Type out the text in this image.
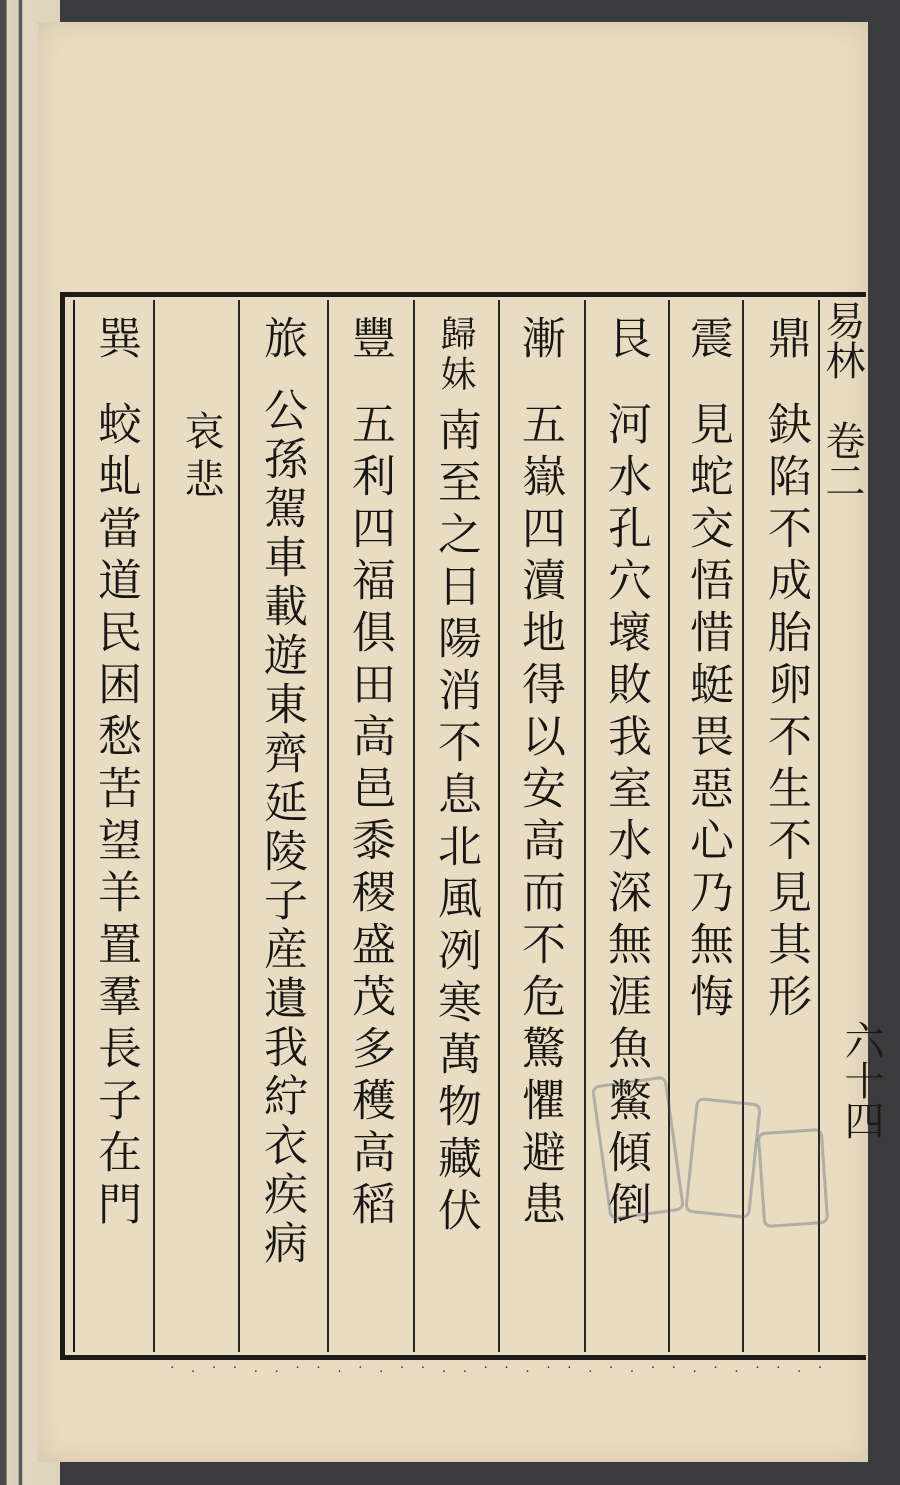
易林　卷二
六十四
鼎鈌陷不成胎卵不生不見其形
震見蛇交悟惜蜓畏惡心乃無悔
艮河水孔穴壞敗我室水深無涯魚鱉傾倒
漸五嶽四瀆地得以安高而不危驚懼避患
歸妹南至之日陽消不息北風冽寒萬物藏伏
豐五利四福俱田高邑黍稷盛茂多穫高稻
旅公孫駕車載遊東齊延陵子産遺我紵衣疾病
哀悲
巽蛟虬當道民困愁苦望羊置羣長子在門
· . · · . . · · . · . · · . . · · . · · . · . · · . · . · · . ·
